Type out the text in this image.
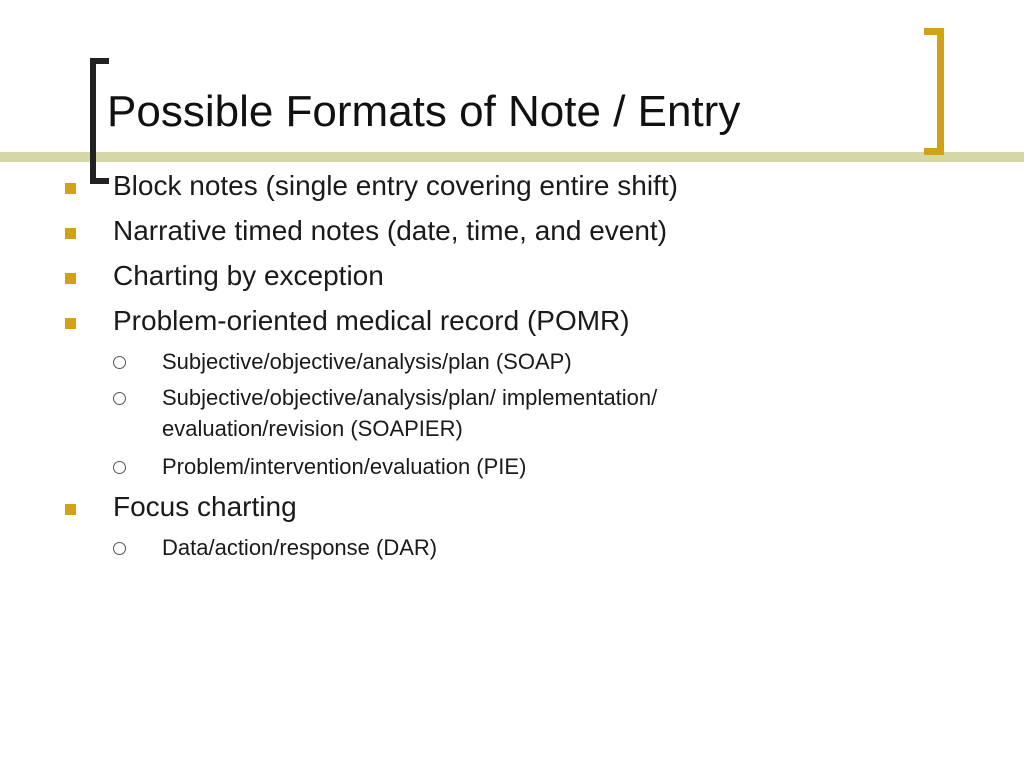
Possible Formats of Note / Entry
Block notes (single entry covering entire shift)
Narrative timed notes (date, time, and event)
Charting by exception
Problem-oriented medical record (POMR)
Subjective/objective/analysis/plan (SOAP)
Subjective/objective/analysis/plan/ implementation/ evaluation/revision (SOAPIER)
Problem/intervention/evaluation (PIE)
Focus charting
Data/action/response (DAR)
